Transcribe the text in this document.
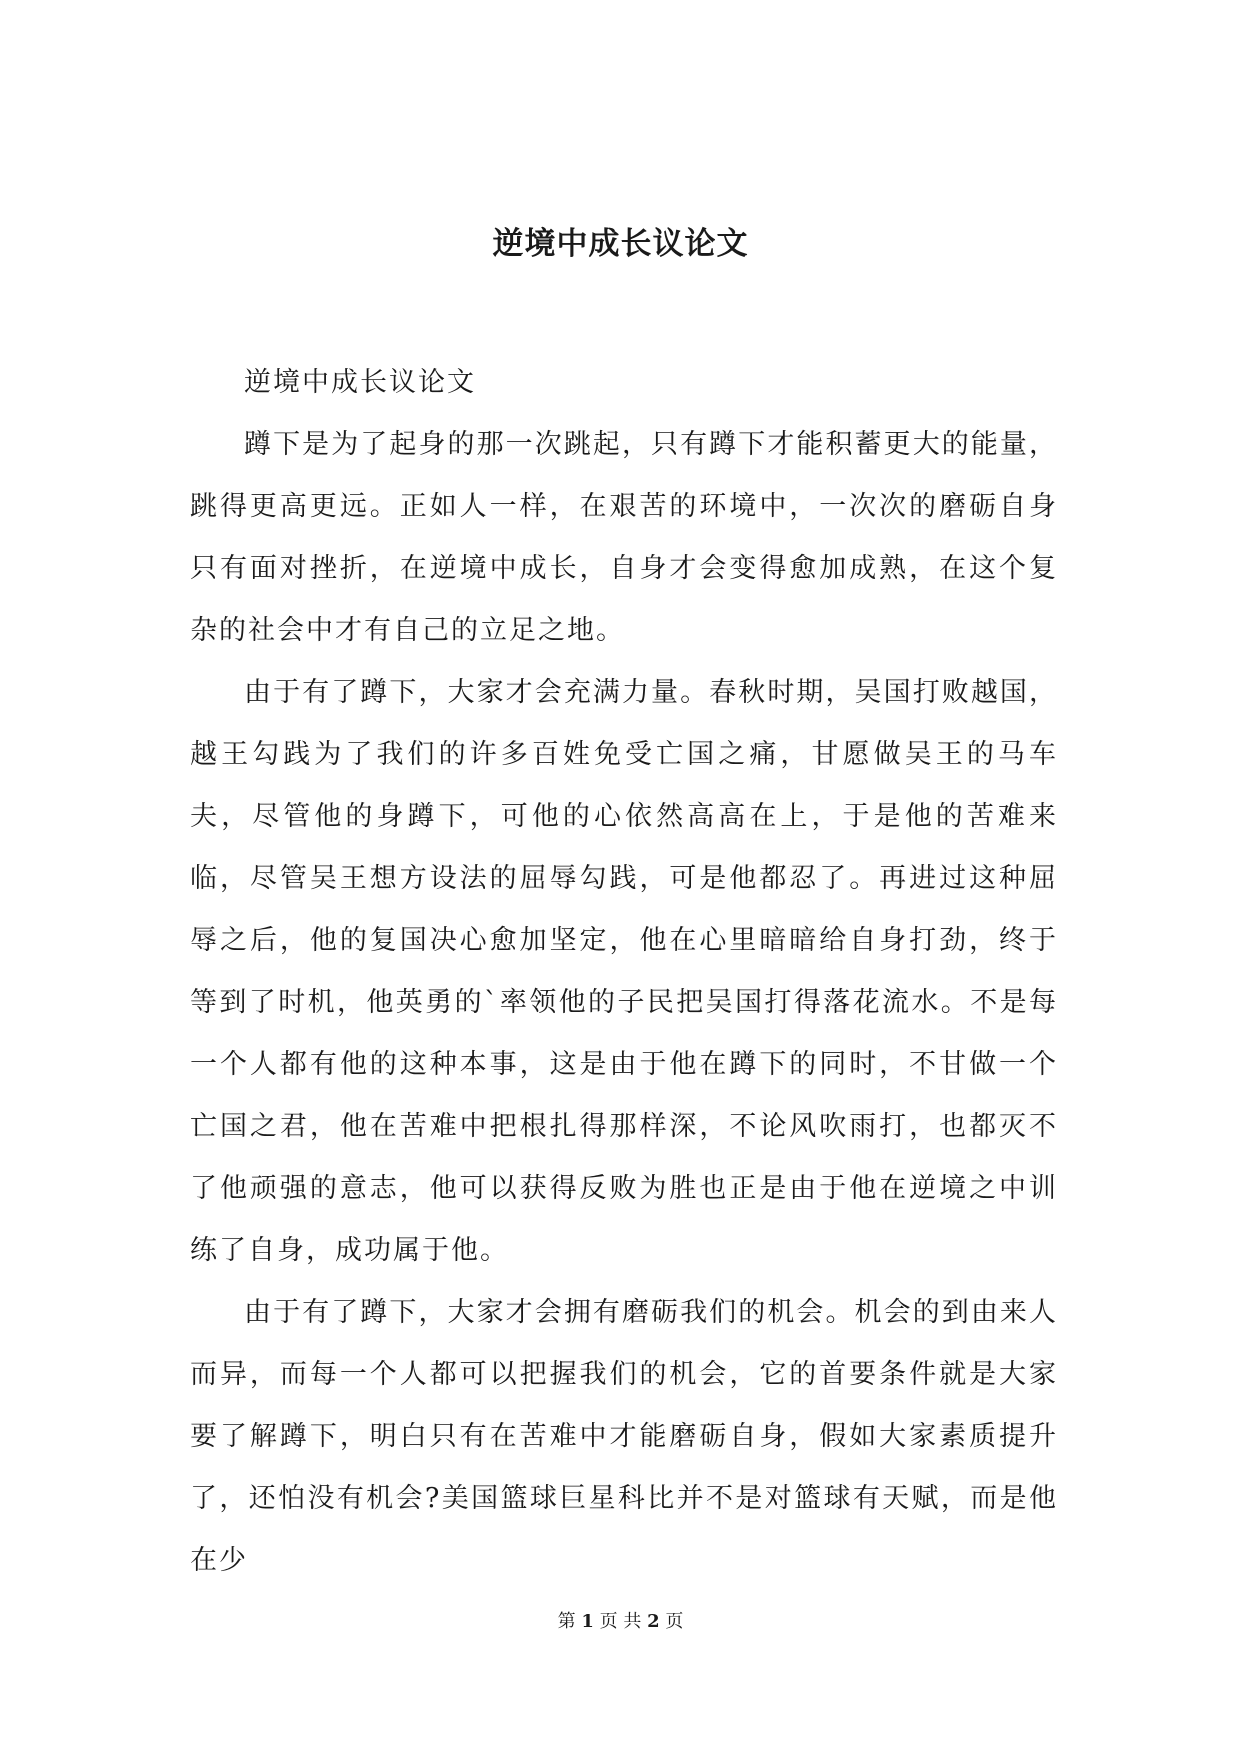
逆境中成长议论文

逆境中成长议论文

蹲下是为了起身的那一次跳起，只有蹲下才能积蓄更大的能量，跳得更高更远。正如人一样，在艰苦的环境中，一次次的磨砺自身只有面对挫折，在逆境中成长，自身才会变得愈加成熟，在这个复杂的社会中才有自己的立足之地。

由于有了蹲下，大家才会充满力量。春秋时期，吴国打败越国，越王勾践为了我们的许多百姓免受亡国之痛，甘愿做吴王的马车夫，尽管他的身蹲下，可他的心依然高高在上，于是他的苦难来临，尽管吴王想方设法的屈辱勾践，可是他都忍了。再进过这种屈辱之后，他的复国决心愈加坚定，他在心里暗暗给自身打劲，终于等到了时机，他英勇的`率领他的子民把吴国打得落花流水。不是每一个人都有他的这种本事，这是由于他在蹲下的同时，不甘做一个亡国之君，他在苦难中把根扎得那样深，不论风吹雨打，也都灭不了他顽强的意志，他可以获得反败为胜也正是由于他在逆境之中训练了自身，成功属于他。

由于有了蹲下，大家才会拥有磨砺我们的机会。机会的到由来人而异，而每一个人都可以把握我们的机会，它的首要条件就是大家要了解蹲下，明白只有在苦难中才能磨砺自身，假如大家素质提升了，还怕没有机会?美国篮球巨星科比并不是对篮球有天赋，而是他在少

第 1 页 共 2 页
